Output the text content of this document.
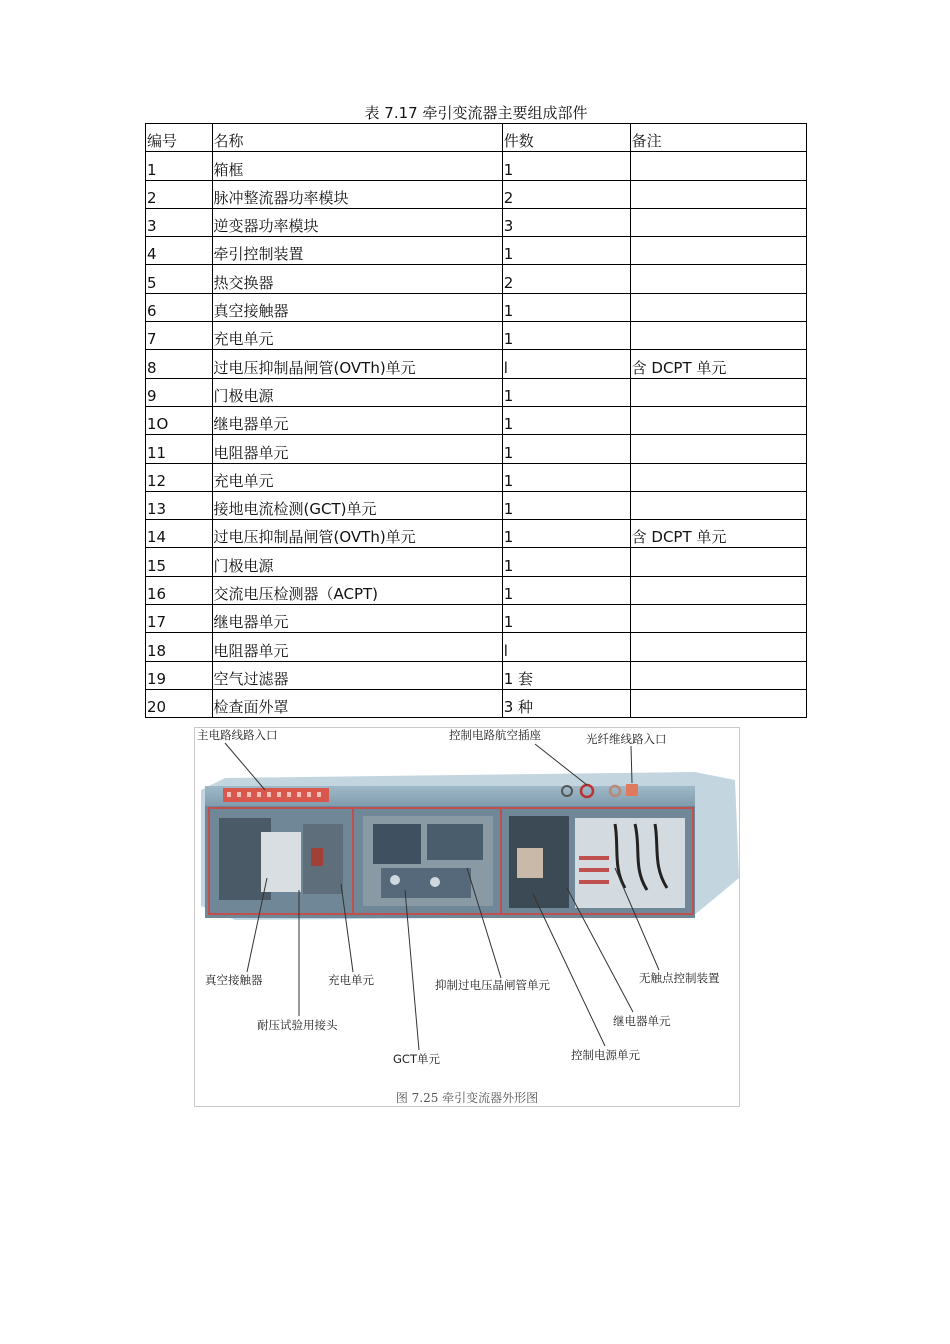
表 7.17 牵引变流器主要组成部件
编号	名称	件数	备注
1	箱框	1	
2	脉冲整流器功率模块	2	
3	逆变器功率模块	3	
4	牵引控制装置	1	
5	热交换器	2	
6	真空接触器	1	
7	充电单元	1	
8	过电压抑制晶闸管(OVTh)单元	l	含 DCPT 单元
9	门极电源	1	
1O	继电器单元	1	
11	电阻器单元	1	
12	充电单元	1	
13	接地电流检测(GCT)单元	1	
14	过电压抑制晶闸管(OVTh)单元	1	含 DCPT 单元
15	门极电源	1	
16	交流电压检测器（ACPT)	1	
17	继电器单元	1	
18	电阻器单元	l	
19	空气过滤器	1 套	
20	检查面外罩	3 种	
主电路线路入口	控制电路航空插座	光纤维线路入口
真空接触器	充电单元	抑制过电压晶闸管单元	无触点控制装置
耐压试验用接头	继电器单元
GCT单元	控制电源单元
图 7.25 牵引变流器外形图
